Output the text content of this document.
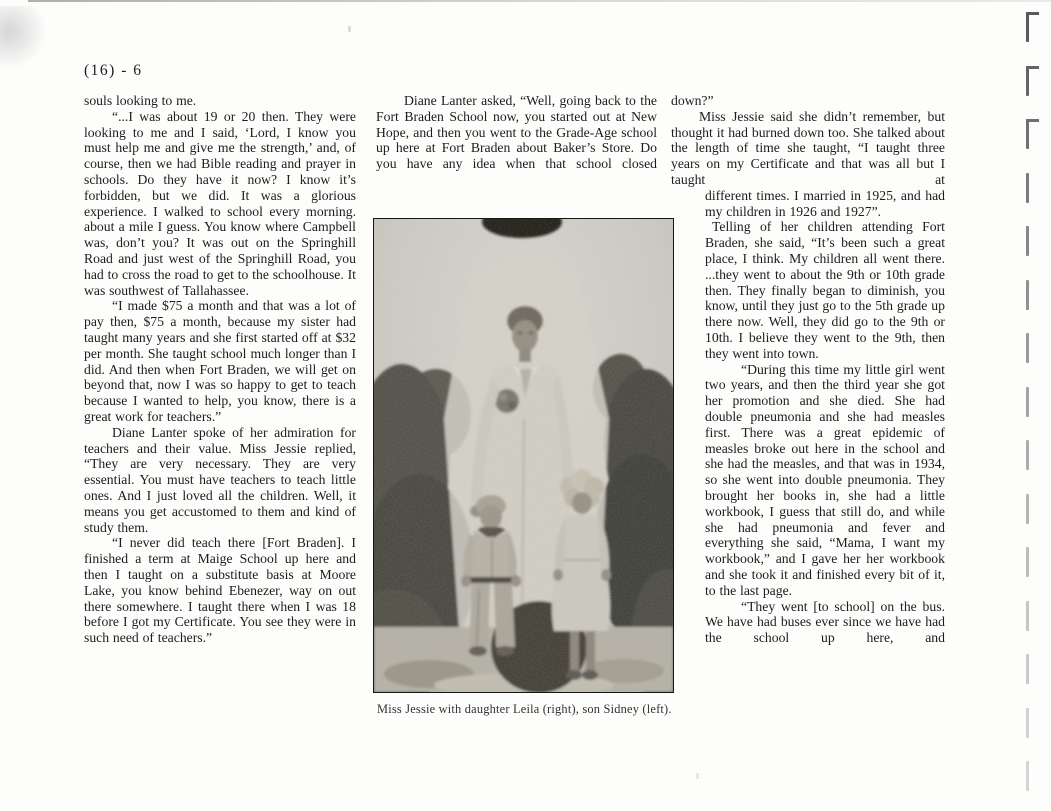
(16) - 6

souls looking to me.

“...I was about 19 or 20 then. They were looking to me and I said, ‘Lord, I know you must help me and give me the strength,’ and, of course, then we had Bible reading and prayer in schools. Do they have it now? I know it’s forbidden, but we did. It was a glorious experience. I walked to school every morning. about a mile I guess. You know where Campbell was, don’t you? It was out on the Springhill Road and just west of the Springhill Road, you had to cross the road to get to the schoolhouse. It was southwest of Tallahassee.

“I made $75 a month and that was a lot of pay then, $75 a month, because my sister had taught many years and she first started off at $32 per month. She taught school much longer than I did. And then when Fort Braden, we will get on beyond that, now I was so happy to get to teach because I wanted to help, you know, there is a great work for teachers.”

Diane Lanter spoke of her admiration for teachers and their value. Miss Jessie replied, “They are very necessary. They are very essential. You must have teachers to teach little ones. And I just loved all the children. Well, it means you get accustomed to them and kind of study them.

“I never did teach there [Fort Braden]. I finished a term at Maige School up here and then I taught on a substitute basis at Moore Lake, you know behind Ebenezer, way on out there somewhere. I taught there when I was 18 before I got my Certificate. You see they were in such need of teachers.”

Diane Lanter asked, “Well, going back to the Fort Braden School now, you started out at New Hope, and then you went to the Grade-Age school up here at Fort Braden about Baker’s Store. Do you have any idea when that school closed

Miss Jessie with daughter Leila (right), son Sidney (left).

down?”

Miss Jessie said she didn’t remember, but thought it had burned down too. She talked about the length of time she taught, “I taught three years on my Certificate and that was all but I taught at

different times. I married in 1925, and had my children in 1926 and 1927”.

Telling of her children attending Fort Braden, she said, “It’s been such a great place, I think. My children all went there. ...they went to about the 9th or 10th grade then. They finally began to diminish, you know, until they just go to the 5th grade up there now. Well, they did go to the 9th or 10th. I believe they went to the 9th, then they went into town.

“During this time my little girl went two years, and then the third year she got her promotion and she died. She had double pneumonia and she had measles first. There was a great epidemic of measles broke out here in the school and she had the measles, and that was in 1934, so she went into double pneumonia. They brought her books in, she had a little workbook, I guess that still do, and while she had pneumonia and fever and everything she said, “Mama, I want my workbook,” and I gave her her workbook and she took it and finished every bit of it, to the last page.

“They went [to school] on the bus. We have had buses ever since we have had the school up here, and
